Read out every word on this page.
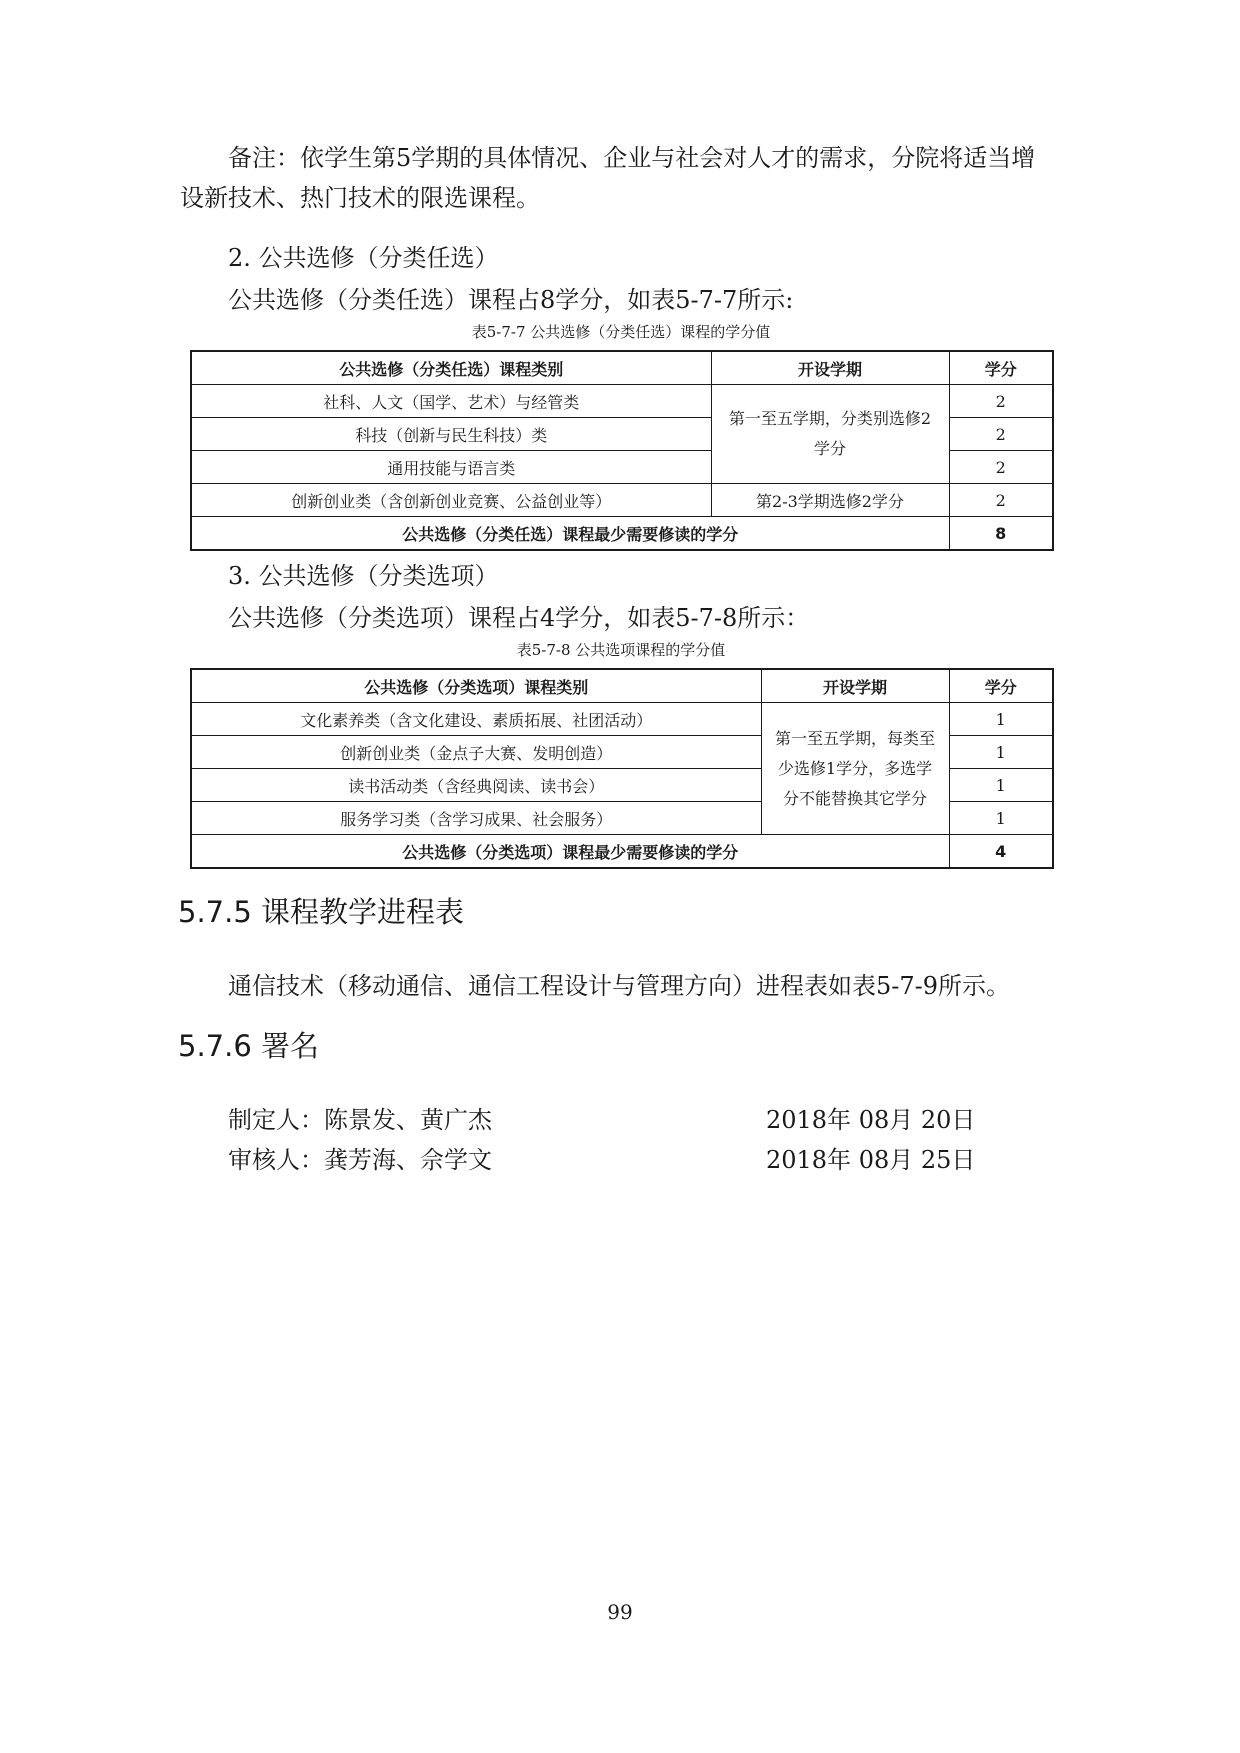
备注：依学生第5学期的具体情况、企业与社会对人才的需求，分院将适当增
设新技术、热门技术的限选课程。
2. 公共选修（分类任选）
公共选修（分类任选）课程占8学分，如表5-7-7所示:
表5-7-7 公共选修（分类任选）课程的学分值
公共选修（分类任选）课程类别	开设学期	学分
社科、人文（国学、艺术）与经管类	第一至五学期，分类别选修2学分	2
科技（创新与民生科技）类		2
通用技能与语言类		2
创新创业类（含创新创业竞赛、公益创业等）	第2-3学期选修2学分	2
公共选修（分类任选）课程最少需要修读的学分		8
3. 公共选修（分类选项）
公共选修（分类选项）课程占4学分，如表5-7-8所示：
表5-7-8 公共选项课程的学分值
公共选修（分类选项）课程类别	开设学期	学分
文化素养类（含文化建设、素质拓展、社团活动）	第一至五学期，每类至少选修1学分，多选学分不能替换其它学分	1
创新创业类（金点子大赛、发明创造）		1
读书活动类（含经典阅读、读书会）		1
服务学习类（含学习成果、社会服务）		1
公共选修（分类选项）课程最少需要修读的学分		4
5.7.5 课程教学进程表
通信技术（移动通信、通信工程设计与管理方向）进程表如表5-7-9所示。
5.7.6 署名
制定人：陈景发、黄广杰	2018年 08月 20日
审核人：龚芳海、佘学文	2018年 08月 25日
99
